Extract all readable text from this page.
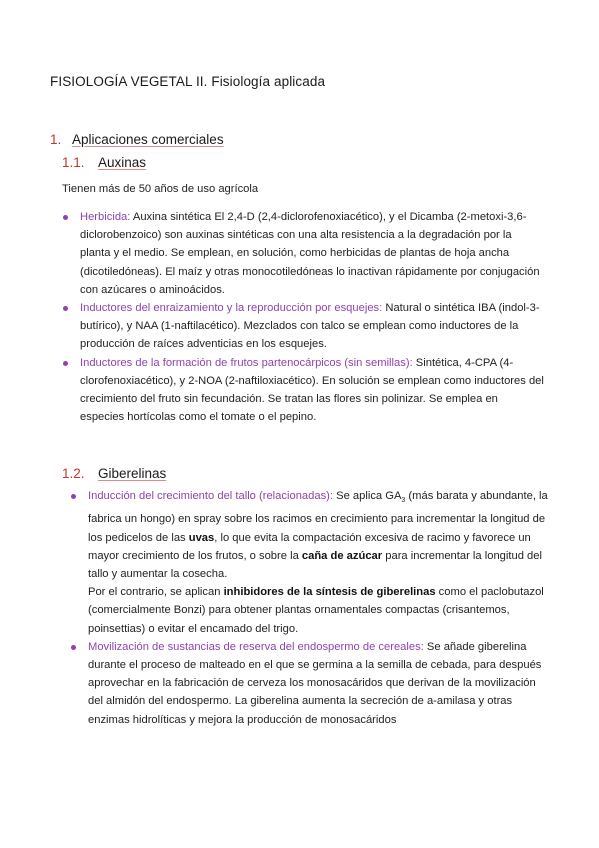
FISIOLOGÍA VEGETAL II. Fisiología aplicada
1. Aplicaciones comerciales
1.1. Auxinas
Tienen más de 50 años de uso agrícola
Herbicida: Auxina sintética El 2,4-D (2,4-diclorofenoxiacético), y el Dicamba (2-metoxi-3,6-diclorobenzoico) son auxinas sintéticas con una alta resistencia a la degradación por la planta y el medio. Se emplean, en solución, como herbicidas de plantas de hoja ancha (dicotiledóneas). El maíz y otras monocotiledóneas lo inactivan rápidamente por conjugación con azúcares o aminoácidos.
Inductores del enraizamiento y la reproducción por esquejes: Natural o sintética IBA (indol-3-butírico), y NAA (1-naftilacético). Mezclados con talco se emplean como inductores de la producción de raíces adventicias en los esquejes.
Inductores de la formación de frutos partenocárpicos (sin semillas): Sintética, 4-CPA (4-clorofenoxiacético), y 2-NOA (2-naftiloxiacético). En solución se emplean como inductores del crecimiento del fruto sin fecundación. Se tratan las flores sin polinizar. Se emplea en especies hortícolas como el tomate o el pepino.
1.2. Giberelinas
Inducción del crecimiento del tallo (relacionadas): Se aplica $GA_3$ (más barata y abundante, la fabrica un hongo) en spray sobre los racimos en crecimiento para incrementar la longitud de los pedicelos de las uvas, lo que evita la compactación excesiva de racimo y favorece un mayor crecimiento de los frutos, o sobre la caña de azúcar para incrementar la longitud del tallo y aumentar la cosecha.
Por el contrario, se aplican inhibidores de la síntesis de giberelinas como el paclobutazol (comercialmente Bonzi) para obtener plantas ornamentales compactas (crisantemos, poinsettias) o evitar el encamado del trigo.
Movilización de sustancias de reserva del endospermo de cereales: Se añade giberelina durante el proceso de malteado en el que se germina a la semilla de cebada, para después aprovechar en la fabricación de cerveza los monosacáridos que derivan de la movilización del almidón del endospermo. La giberelina aumenta la secreción de a-amilasa y otras enzimas hidrolíticas y mejora la producción de monosacáridos
